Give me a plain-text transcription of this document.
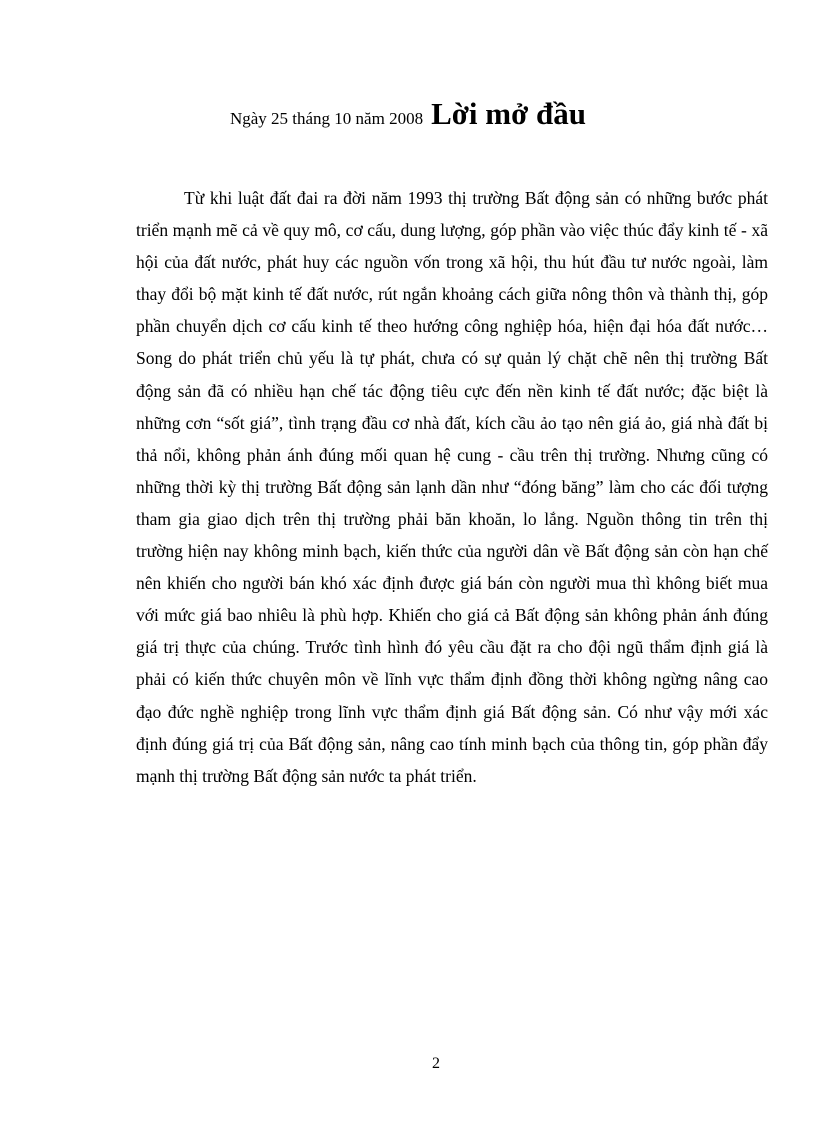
Ngày 25 tháng 10 năm 2008 Lời mở đầu

Từ khi luật đất đai ra đời năm 1993 thị trường Bất động sản có những bước phát triển mạnh mẽ cả về quy mô, cơ cấu, dung lượng, góp phần vào việc thúc đẩy kinh tế - xã hội của đất nước, phát huy các nguồn vốn trong xã hội, thu hút đầu tư nước ngoài, làm thay đổi bộ mặt kinh tế đất nước, rút ngắn khoảng cách giữa nông thôn và thành thị, góp phần chuyển dịch cơ cấu kinh tế theo hướng công nghiệp hóa, hiện đại hóa đất nước…Song do phát triển chủ yếu là tự phát, chưa có sự quản lý chặt chẽ nên thị trường Bất động sản đã có nhiều hạn chế tác động tiêu cực đến nền kinh tế đất nước; đặc biệt là những cơn “sốt giá”, tình trạng đầu cơ nhà đất, kích cầu ảo tạo nên giá ảo, giá nhà đất bị thả nổi, không phản ánh đúng mối quan hệ cung - cầu trên thị trường. Nhưng cũng có những thời kỳ thị trường Bất động sản lạnh dần như “đóng băng” làm cho các đối tượng tham gia giao dịch trên thị trường phải băn khoăn, lo lắng. Nguồn thông tin trên thị trường hiện nay không minh bạch, kiến thức của người dân về Bất động sản còn hạn chế nên khiến cho người bán khó xác định được giá bán còn người mua thì không biết mua với mức giá bao nhiêu là phù hợp. Khiến cho giá cả Bất động sản không phản ánh đúng giá trị thực của chúng. Trước tình hình đó yêu cầu đặt ra cho đội ngũ thẩm định giá là phải có kiến thức chuyên môn về lĩnh vực thẩm định đồng thời không ngừng nâng cao đạo đức nghề nghiệp trong lĩnh vực thẩm định giá Bất động sản. Có như vậy mới xác định đúng giá trị của Bất động sản, nâng cao tính minh bạch của thông tin, góp phần đẩy mạnh thị trường Bất động sản nước ta phát triển.

2
